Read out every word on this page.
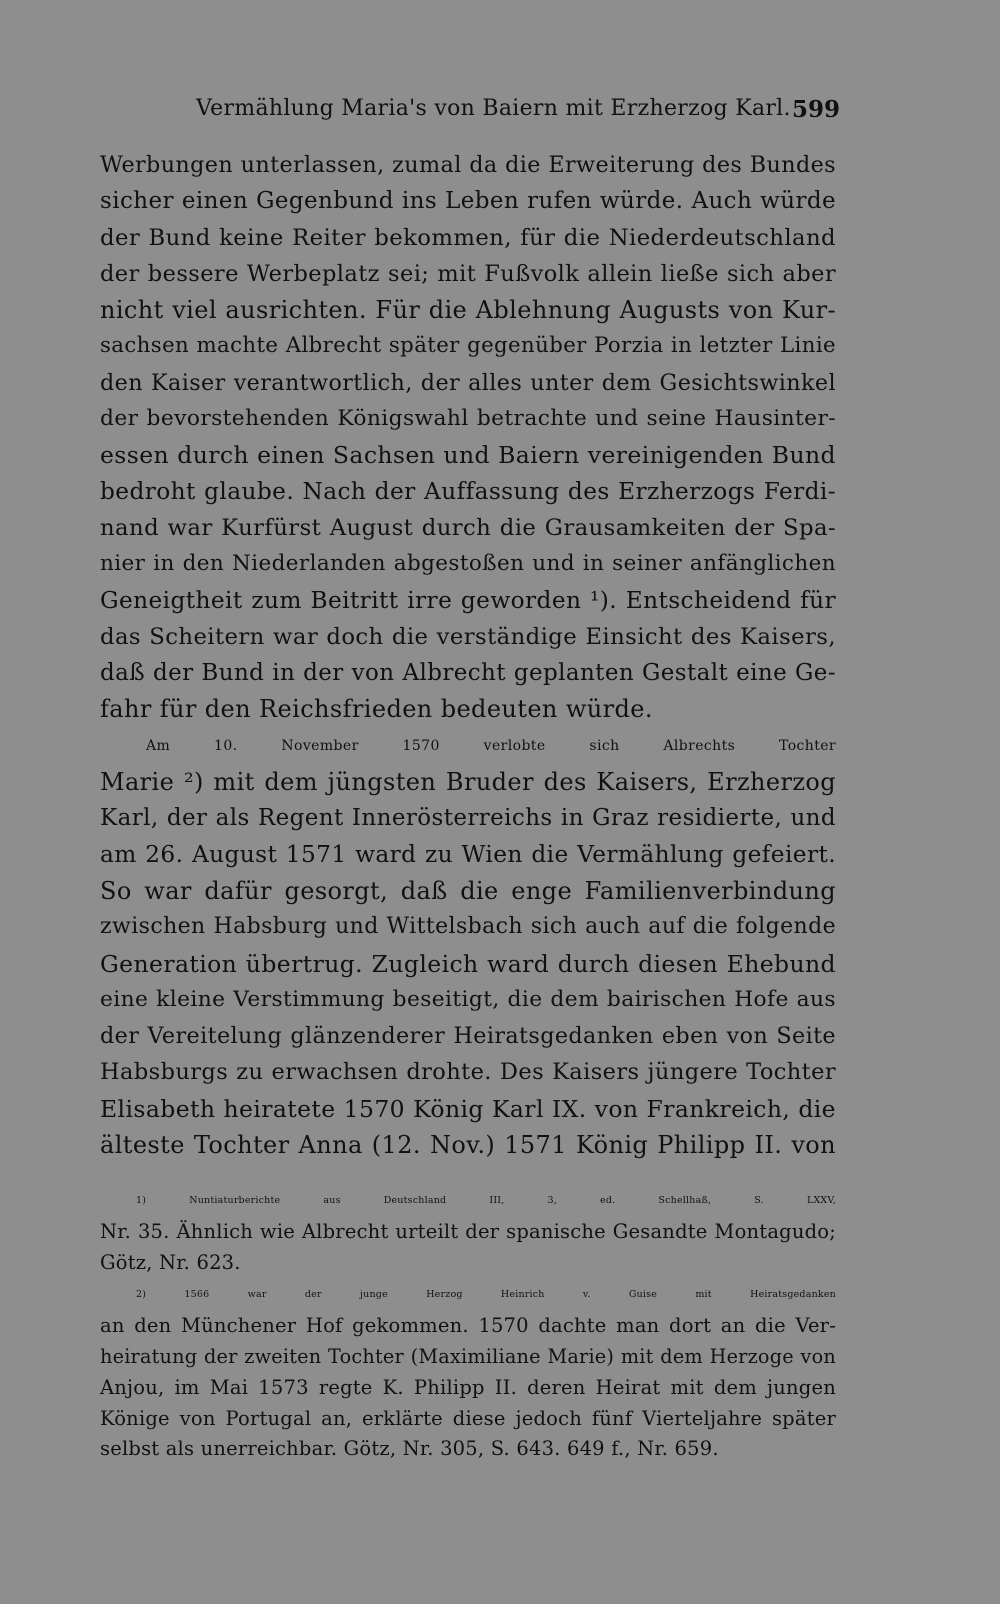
Vermählung Maria's von Baiern mit Erzherzog Karl. 599
Werbungen unterlassen, zumal da die Erweiterung des Bundes
sicher einen Gegenbund ins Leben rufen würde. Auch würde
der Bund keine Reiter bekommen, für die Niederdeutschland
der bessere Werbeplatz sei; mit Fußvolk allein ließe sich aber
nicht viel ausrichten. Für die Ablehnung Augusts von Kur-
sachsen machte Albrecht später gegenüber Porzia in letzter Linie
den Kaiser verantwortlich, der alles unter dem Gesichtswinkel
der bevorstehenden Königswahl betrachte und seine Hausinter-
essen durch einen Sachsen und Baiern vereinigenden Bund
bedroht glaube. Nach der Auffassung des Erzherzogs Ferdi-
nand war Kurfürst August durch die Grausamkeiten der Spa-
nier in den Niederlanden abgestoßen und in seiner anfänglichen
Geneigtheit zum Beitritt irre geworden ¹). Entscheidend für
das Scheitern war doch die verständige Einsicht des Kaisers,
daß der Bund in der von Albrecht geplanten Gestalt eine Ge-
fahr für den Reichsfrieden bedeuten würde.
Am 10. November 1570 verlobte sich Albrechts Tochter
Marie ²) mit dem jüngsten Bruder des Kaisers, Erzherzog
Karl, der als Regent Innerösterreichs in Graz residierte, und
am 26. August 1571 ward zu Wien die Vermählung gefeiert.
So war dafür gesorgt, daß die enge Familienverbindung
zwischen Habsburg und Wittelsbach sich auch auf die folgende
Generation übertrug. Zugleich ward durch diesen Ehebund
eine kleine Verstimmung beseitigt, die dem bairischen Hofe aus
der Vereitelung glänzenderer Heiratsgedanken eben von Seite
Habsburgs zu erwachsen drohte. Des Kaisers jüngere Tochter
Elisabeth heiratete 1570 König Karl IX. von Frankreich, die
älteste Tochter Anna (12. Nov.) 1571 König Philipp II. von
1) Nuntiaturberichte aus Deutschland III, 3, ed. Schellhaß, S. LXXV,
Nr. 35. Ähnlich wie Albrecht urteilt der spanische Gesandte Montagudo;
Götz, Nr. 623.
2) 1566 war der junge Herzog Heinrich v. Guise mit Heiratsgedanken
an den Münchener Hof gekommen. 1570 dachte man dort an die Ver-
heiratung der zweiten Tochter (Maximiliane Marie) mit dem Herzoge von
Anjou, im Mai 1573 regte K. Philipp II. deren Heirat mit dem jungen
Könige von Portugal an, erklärte diese jedoch fünf Vierteljahre später
selbst als unerreichbar. Götz, Nr. 305, S. 643. 649 f., Nr. 659.
